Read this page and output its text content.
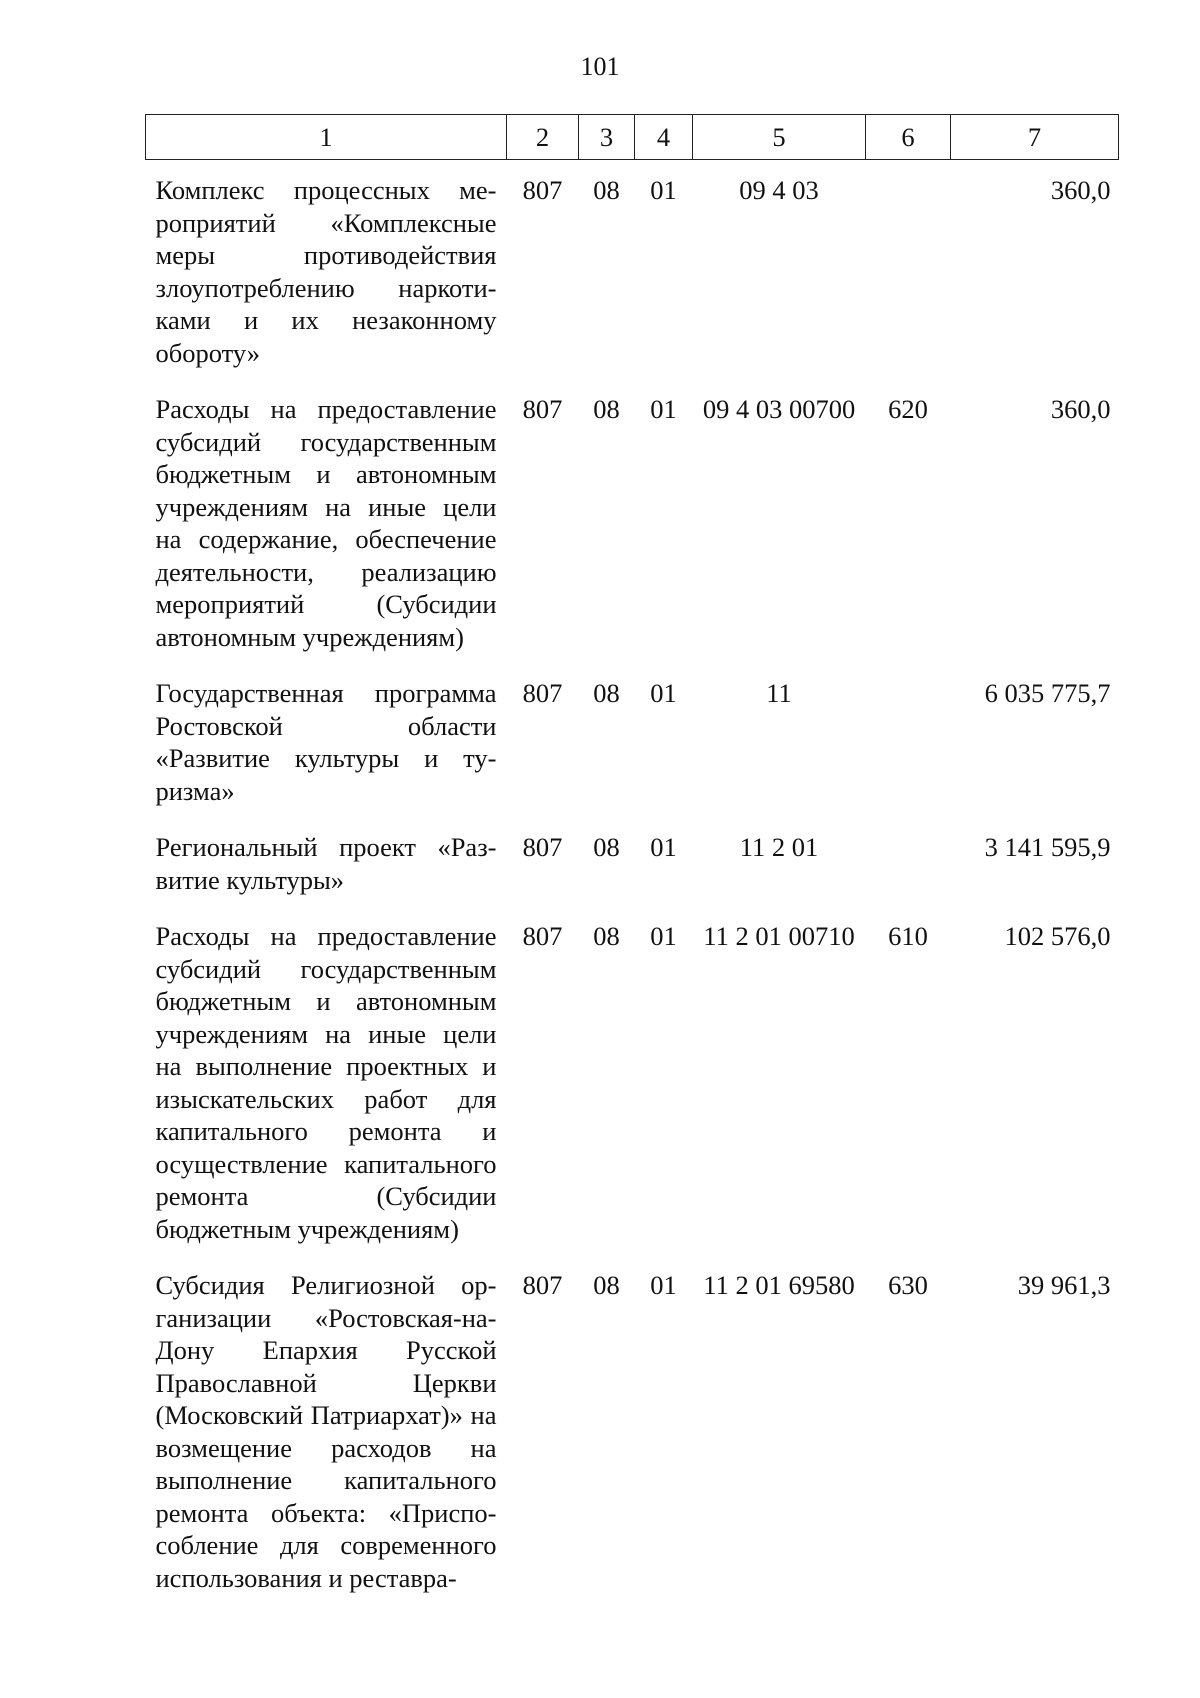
101
1	2	3	4	5	6	7
Комплекс процессных мероприятий «Комплексные меры противодействия злоупотреблению наркотиками и их незаконному обороту»	807	08	01	09 4 03		360,0
Расходы на предоставление субсидий государственным бюджетным и автономным учреждениям на иные цели на содержание, обеспечение деятельности, реализацию мероприятий (Субсидии автономным учреждениям)	807	08	01	09 4 03 00700	620	360,0
Государственная программа Ростовской области «Развитие культуры и туризма»	807	08	01	11		6 035 775,7
Региональный проект «Развитие культуры»	807	08	01	11 2 01		3 141 595,9
Расходы на предоставление субсидий государственным бюджетным и автономным учреждениям на иные цели на выполнение проектных и изыскательских работ для капитального ремонта и осуществление капитального ремонта (Субсидии бюджетным учреждениям)	807	08	01	11 2 01 00710	610	102 576,0
Субсидия Религиозной организации «Ростовская-на-Дону Епархия Русской Православной Церкви (Московский Патриархат)» на возмещение расходов на выполнение капитального ремонта объекта: «Приспособление для современного использования и реставра-	807	08	01	11 2 01 69580	630	39 961,3
